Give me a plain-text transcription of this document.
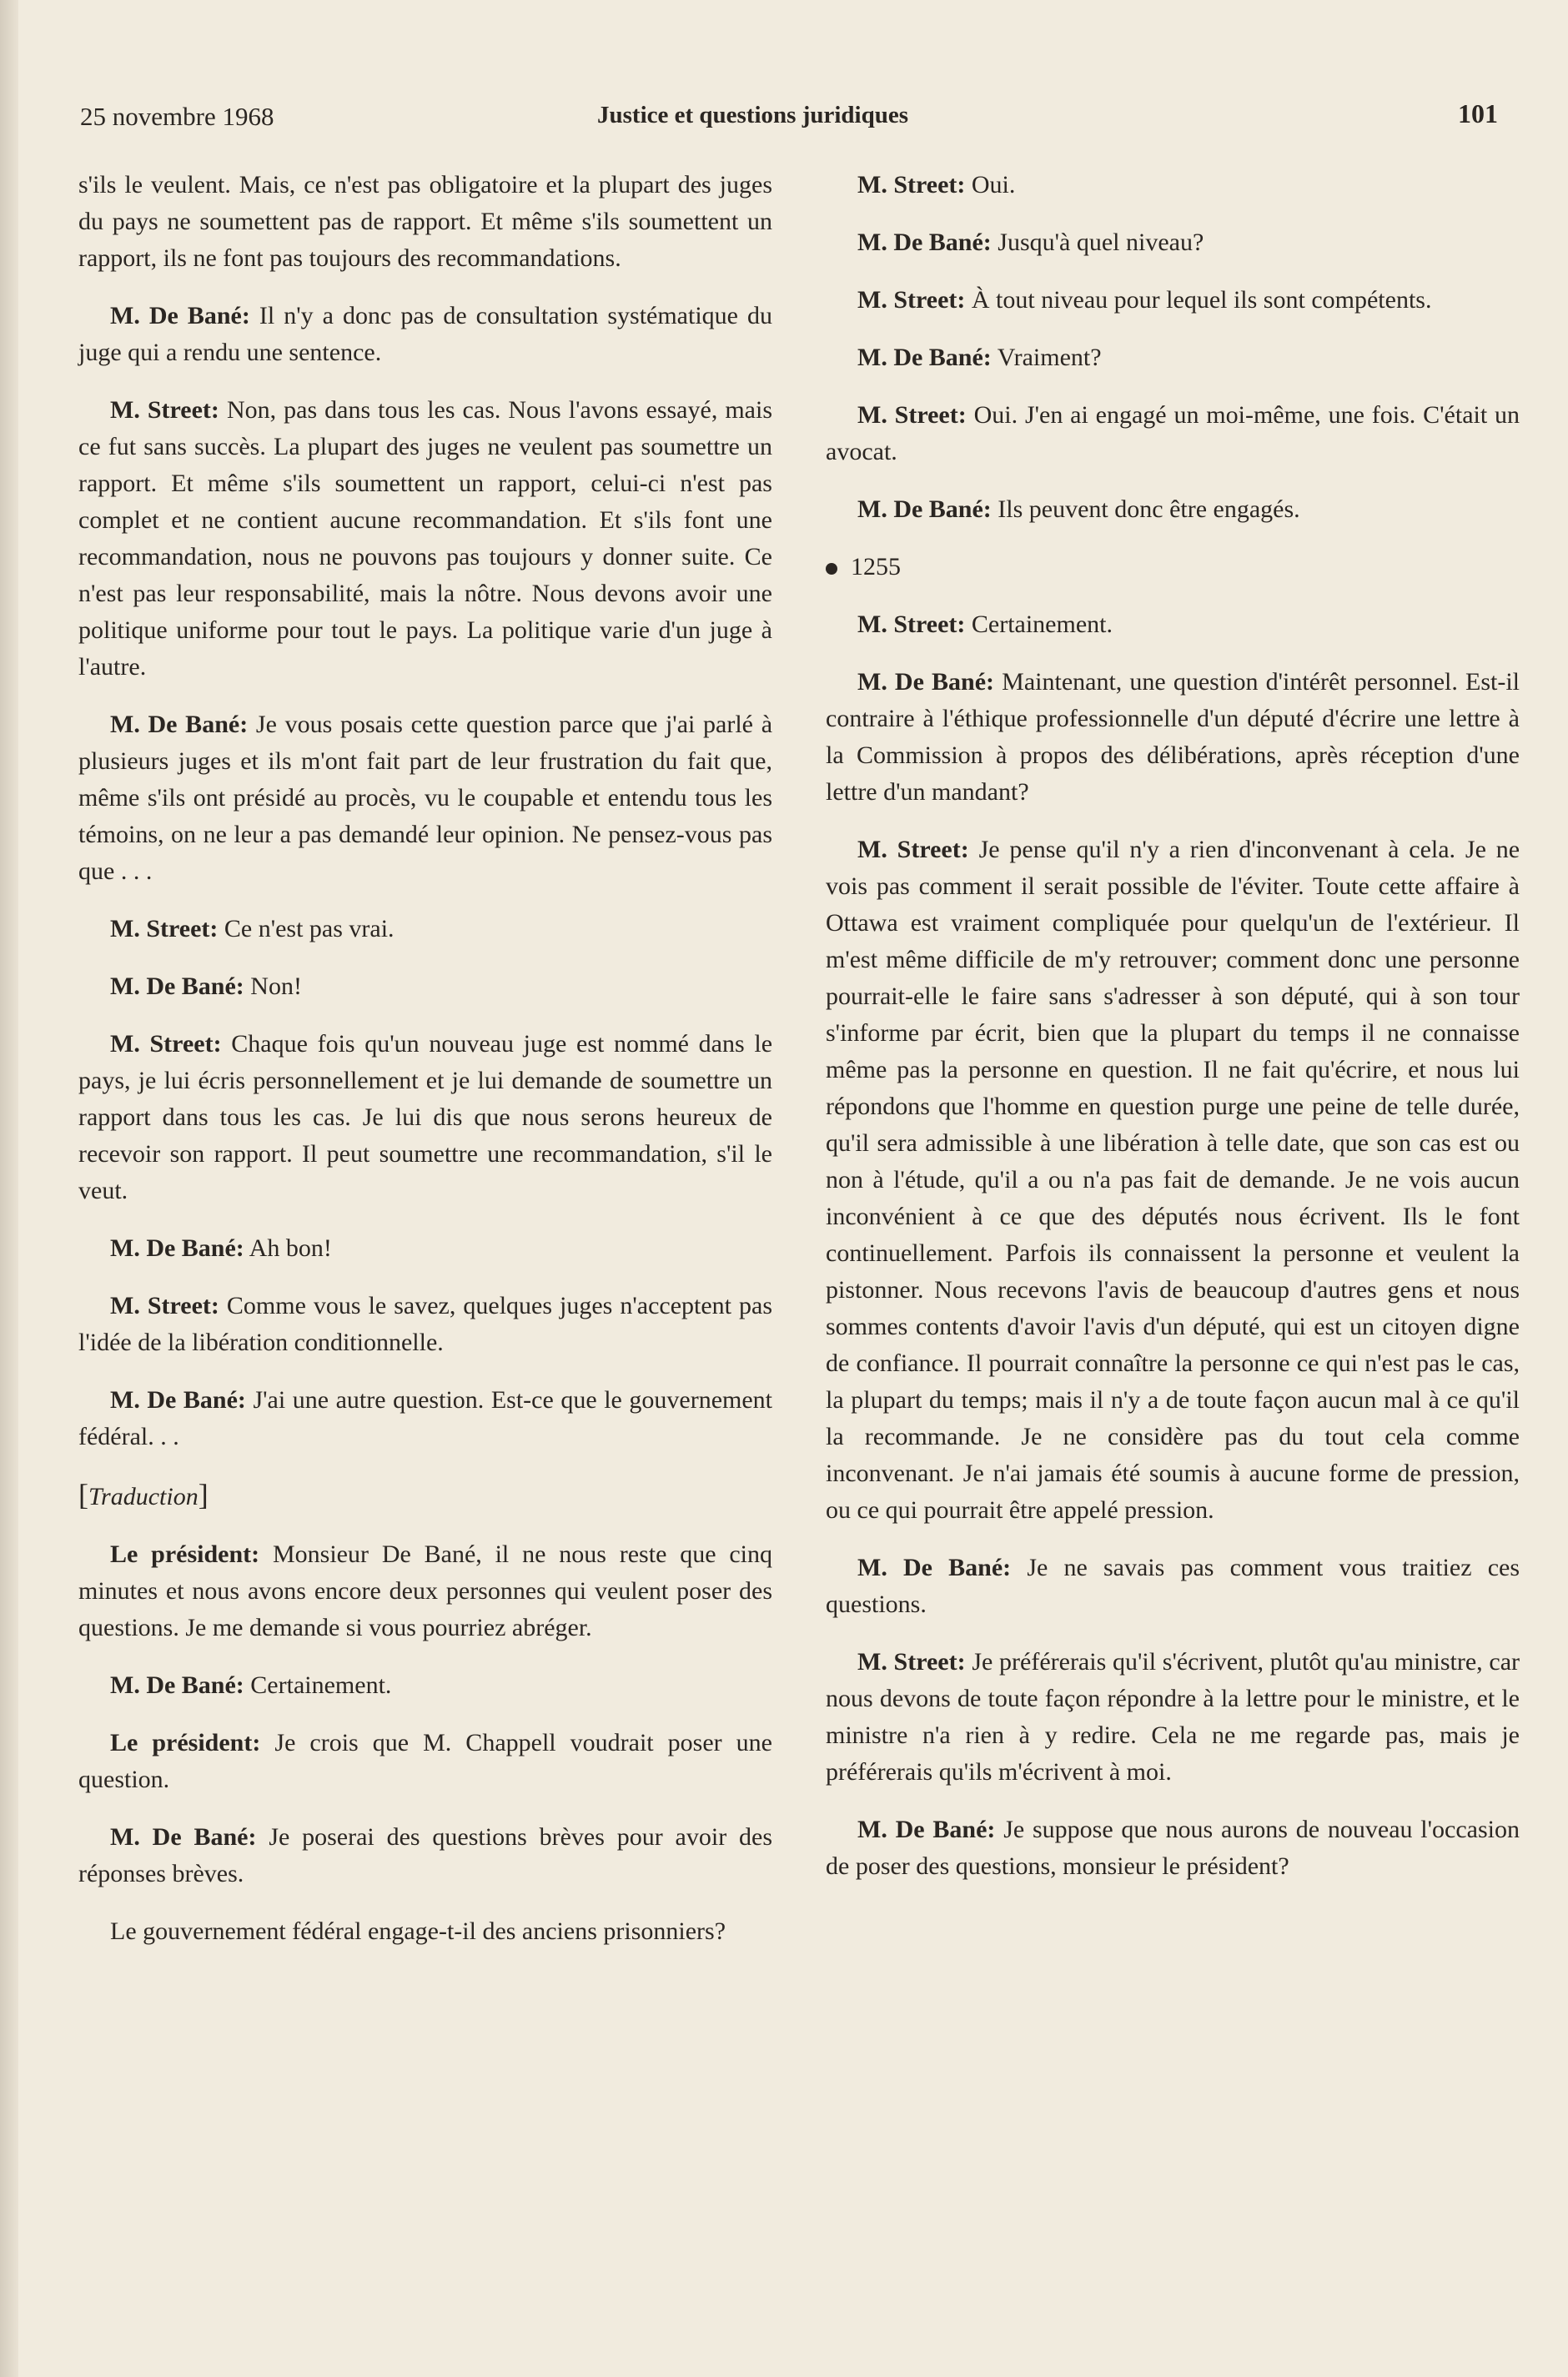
25 novembre 1968	Justice et questions juridiques	101

s'ils le veulent. Mais, ce n'est pas obligatoire et la plupart des juges du pays ne soumettent pas de rapport. Et même s'ils soumettent un rapport, ils ne font pas toujours des recommandations.

M. De Bané: Il n'y a donc pas de consultation systématique du juge qui a rendu une sentence.

M. Street: Non, pas dans tous les cas. Nous l'avons essayé, mais ce fut sans succès. La plupart des juges ne veulent pas soumettre un rapport. Et même s'ils soumettent un rapport, celui-ci n'est pas complet et ne contient aucune recommandation. Et s'ils font une recommandation, nous ne pouvons pas toujours y donner suite. Ce n'est pas leur responsabilité, mais la nôtre. Nous devons avoir une politique uniforme pour tout le pays. La politique varie d'un juge à l'autre.

M. De Bané: Je vous posais cette question parce que j'ai parlé à plusieurs juges et ils m'ont fait part de leur frustration du fait que, même s'ils ont présidé au procès, vu le coupable et entendu tous les témoins, on ne leur a pas demandé leur opinion. Ne pensez-vous pas que . . .

M. Street: Ce n'est pas vrai.

M. De Bané: Non!

M. Street: Chaque fois qu'un nouveau juge est nommé dans le pays, je lui écris personnellement et je lui demande de soumettre un rapport dans tous les cas. Je lui dis que nous serons heureux de recevoir son rapport. Il peut soumettre une recommandation, s'il le veut.

M. De Bané: Ah bon!

M. Street: Comme vous le savez, quelques juges n'acceptent pas l'idée de la libération conditionnelle.

M. De Bané: J'ai une autre question. Est-ce que le gouvernement fédéral. . .

[Traduction]

Le président: Monsieur De Bané, il ne nous reste que cinq minutes et nous avons encore deux personnes qui veulent poser des questions. Je me demande si vous pourriez abréger.

M. De Bané: Certainement.

Le président: Je crois que M. Chappell voudrait poser une question.

M. De Bané: Je poserai des questions brèves pour avoir des réponses brèves.

Le gouvernement fédéral engage-t-il des anciens prisonniers?

M. Street: Oui.

M. De Bané: Jusqu'à quel niveau?

M. Street: À tout niveau pour lequel ils sont compétents.

M. De Bané: Vraiment?

M. Street: Oui. J'en ai engagé un moi-même, une fois. C'était un avocat.

M. De Bané: Ils peuvent donc être engagés.

1255

M. Street: Certainement.

M. De Bané: Maintenant, une question d'intérêt personnel. Est-il contraire à l'éthique professionnelle d'un député d'écrire une lettre à la Commission à propos des délibérations, après réception d'une lettre d'un mandant?

M. Street: Je pense qu'il n'y a rien d'inconvenant à cela. Je ne vois pas comment il serait possible de l'éviter. Toute cette affaire à Ottawa est vraiment compliquée pour quelqu'un de l'extérieur. Il m'est même difficile de m'y retrouver; comment donc une personne pourrait-elle le faire sans s'adresser à son député, qui à son tour s'informe par écrit, bien que la plupart du temps il ne connaisse même pas la personne en question. Il ne fait qu'écrire, et nous lui répondons que l'homme en question purge une peine de telle durée, qu'il sera admissible à une libération à telle date, que son cas est ou non à l'étude, qu'il a ou n'a pas fait de demande. Je ne vois aucun inconvénient à ce que des députés nous écrivent. Ils le font continuellement. Parfois ils connaissent la personne et veulent la pistonner. Nous recevons l'avis de beaucoup d'autres gens et nous sommes contents d'avoir l'avis d'un député, qui est un citoyen digne de confiance. Il pourrait connaître la personne ce qui n'est pas le cas, la plupart du temps; mais il n'y a de toute façon aucun mal à ce qu'il la recommande. Je ne considère pas du tout cela comme inconvenant. Je n'ai jamais été soumis à aucune forme de pression, ou ce qui pourrait être appelé pression.

M. De Bané: Je ne savais pas comment vous traitiez ces questions.

M. Street: Je préférerais qu'il s'écrivent, plutôt qu'au ministre, car nous devons de toute façon répondre à la lettre pour le ministre, et le ministre n'a rien à y redire. Cela ne me regarde pas, mais je préférerais qu'ils m'écrivent à moi.

M. De Bané: Je suppose que nous aurons de nouveau l'occasion de poser des questions, monsieur le président?
